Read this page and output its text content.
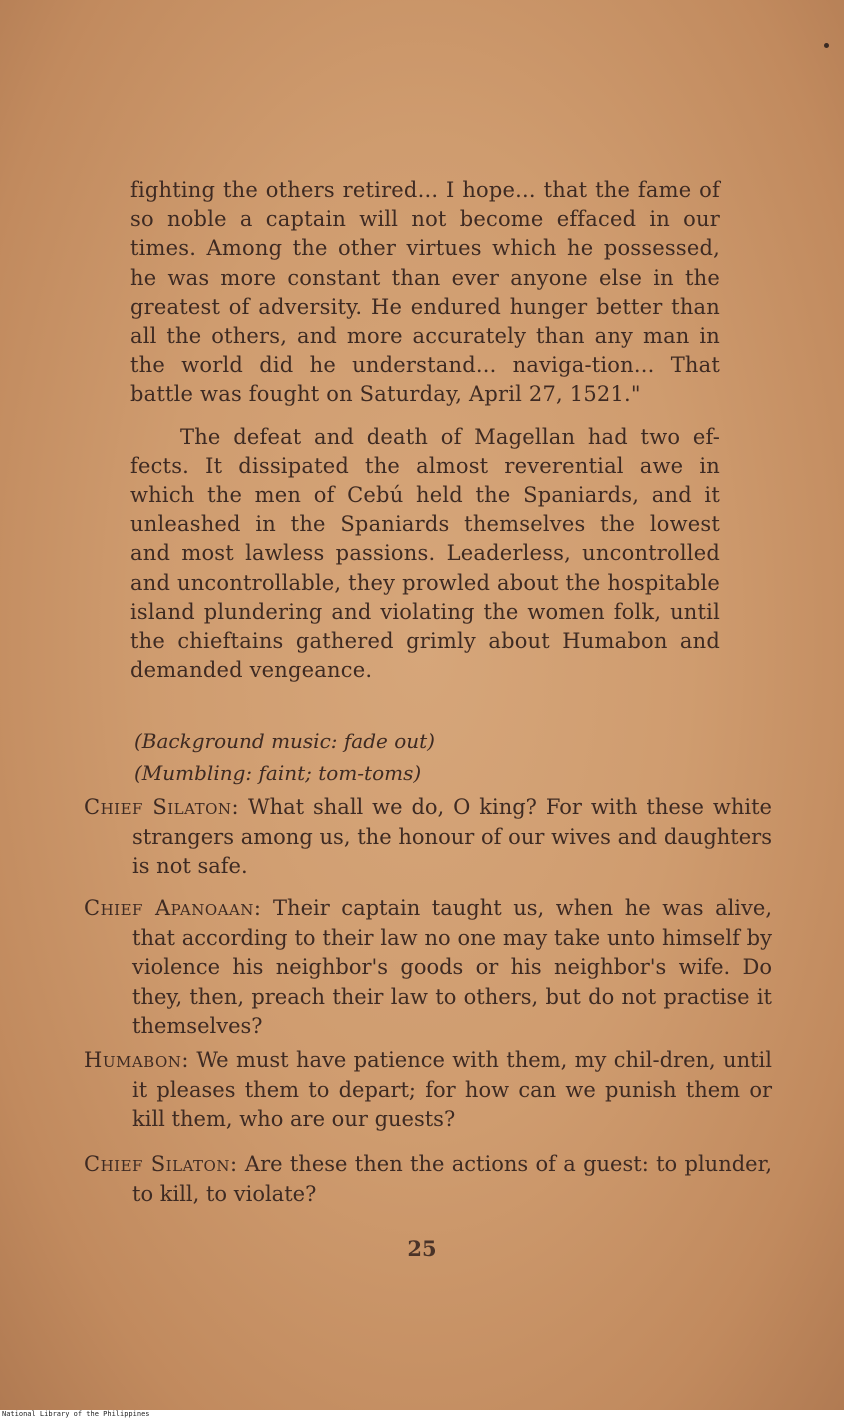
fighting the others retired... I hope... that the fame of so noble a captain will not become effaced in our times. Among the other virtues which he possessed, he was more constant than ever anyone else in the greatest of adversity. He endured hunger better than all the others, and more accurately than any man in the world did he understand... naviga-tion... That battle was fought on Saturday, April 27, 1521."

The defeat and death of Magellan had two ef-fects. It dissipated the almost reverential awe in which the men of Cebú held the Spaniards, and it unleashed in the Spaniards themselves the lowest and most lawless passions. Leaderless, uncontrolled and uncontrollable, they prowled about the hospitable island plundering and violating the women folk, until the chieftains gathered grimly about Humabon and demanded vengeance.

(Background music: fade out)
(Mumbling: faint; tom-toms)
Chief Silaton: What shall we do, O king? For with these white strangers among us, the honour of our wives and daughters is not safe.
Chief Apanoaan: Their captain taught us, when he was alive, that according to their law no one may take unto himself by violence his neighbor's goods or his neighbor's wife. Do they, then, preach their law to others, but do not practise it themselves?
Humabon: We must have patience with them, my chil-dren, until it pleases them to depart; for how can we punish them or kill them, who are our guests?
Chief Silaton: Are these then the actions of a guest: to plunder, to kill, to violate?
25
National Library of the Philippines
